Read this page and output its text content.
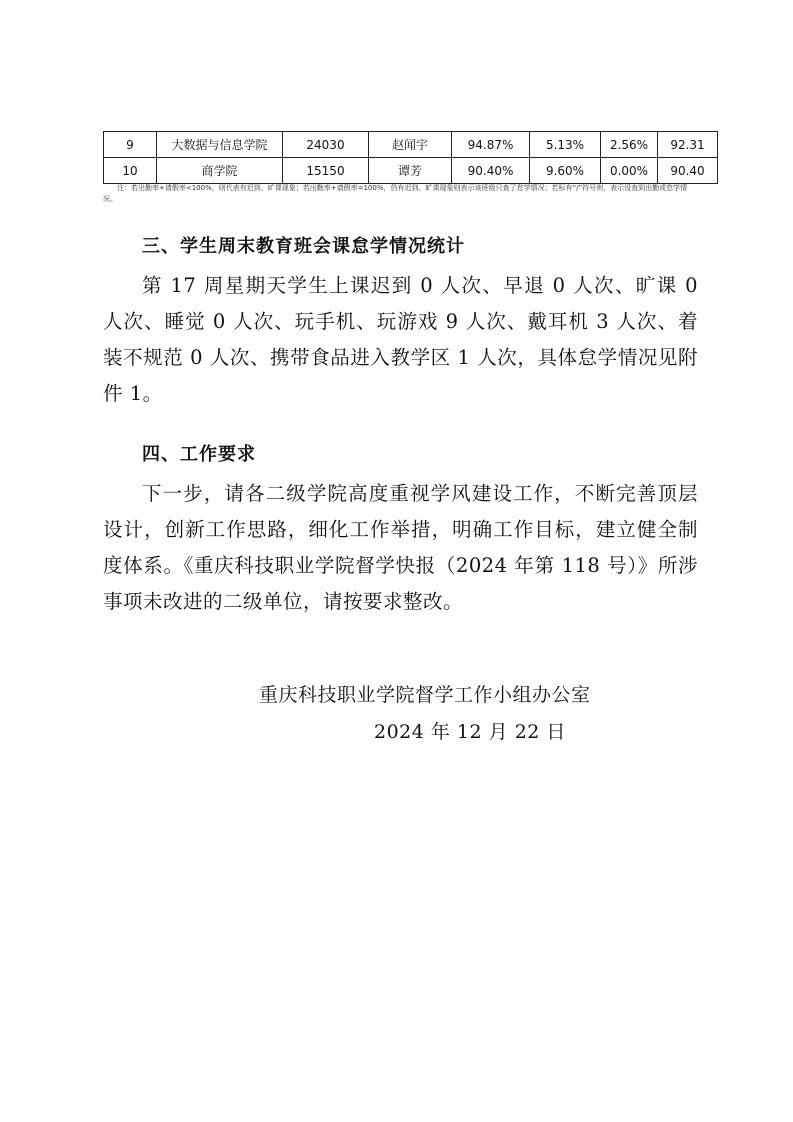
9	大数据与信息学院	24030	赵闻宇	94.87%	5.13%	2.56%	92.31
10	商学院	15150	谭芳	90.40%	9.60%	0.00%	90.40
注：若出勤率+请假率<100%，则代表有迟到、旷课现象；若出勤率+请假率=100%，仍有迟到、旷课现象则表示该班级只查了怠学情况；若标有“/”符号则，表示没查到出勤或怠学情况。
三、学生周末教育班会课怠学情况统计
第 17 周星期天学生上课迟到 0 人次、早退 0 人次、旷课 0 人次、睡觉 0 人次、玩手机、玩游戏 9 人次、戴耳机 3 人次、着装不规范 0 人次、携带食品进入教学区 1 人次，具体怠学情况见附件 1。
四、工作要求
下一步，请各二级学院高度重视学风建设工作，不断完善顶层设计，创新工作思路，细化工作举措，明确工作目标，建立健全制度体系。《重庆科技职业学院督学快报（2024 年第 118 号）》所涉事项未改进的二级单位，请按要求整改。
重庆科技职业学院督学工作小组办公室
2024 年 12 月 22 日
